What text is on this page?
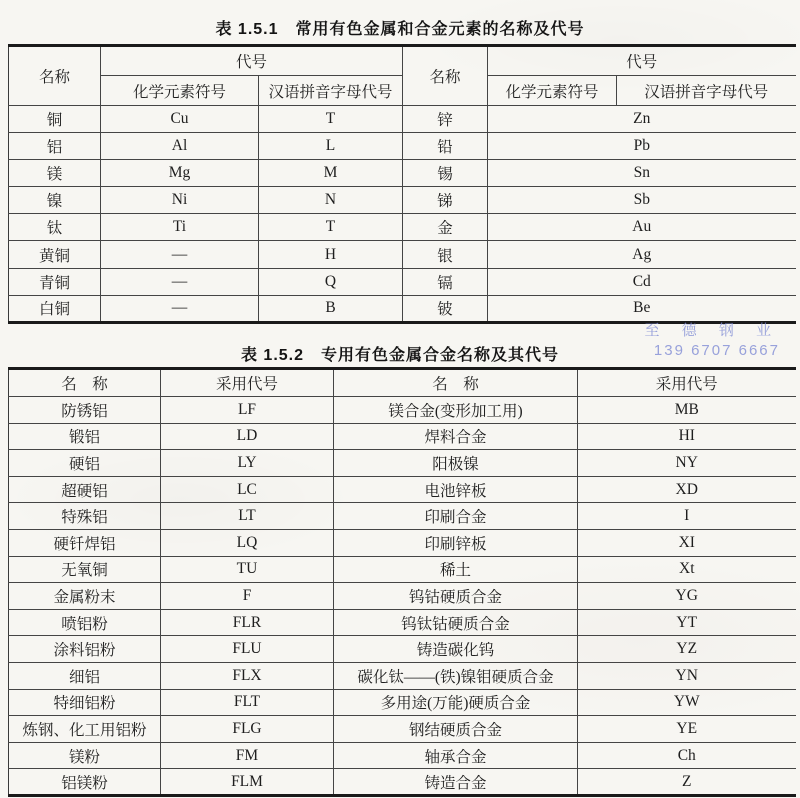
表 1.5.1　常用有色金属和合金元素的名称及代号
名称	代号		名称	代号	
	化学元素符号	汉语拼音字母代号		化学元素符号	汉语拼音字母代号
铜	Cu	T	锌	Zn	
铝	Al	L	铅	Pb	
镁	Mg	M	锡	Sn	
镍	Ni	N	锑	Sb	
钛	Ti	T	金	Au	
黄铜	—	H	银	Ag	
青铜	—	Q	镉	Cd	
白铜	—	B	铍	Be	
至 德 钢 业
139 6707 6667
表 1.5.2　专用有色金属合金名称及其代号
名　称	采用代号	名　称	采用代号
防锈铝	LF	镁合金(变形加工用)	MB
锻铝	LD	焊料合金	HI
硬铝	LY	阳极镍	NY
超硬铝	LC	电池锌板	XD
特殊铝	LT	印刷合金	I
硬钎焊铝	LQ	印刷锌板	XI
无氧铜	TU	稀土	Xt
金属粉末	F	钨钴硬质合金	YG
喷铝粉	FLR	钨钛钴硬质合金	YT
涂料铝粉	FLU	铸造碳化钨	YZ
细铝	FLX	碳化钛——(铁)镍钼硬质合金	YN
特细铝粉	FLT	多用途(万能)硬质合金	YW
炼钢、化工用铝粉	FLG	钢结硬质合金	YE
镁粉	FM	轴承合金	Ch
铝镁粉	FLM	铸造合金	Z
